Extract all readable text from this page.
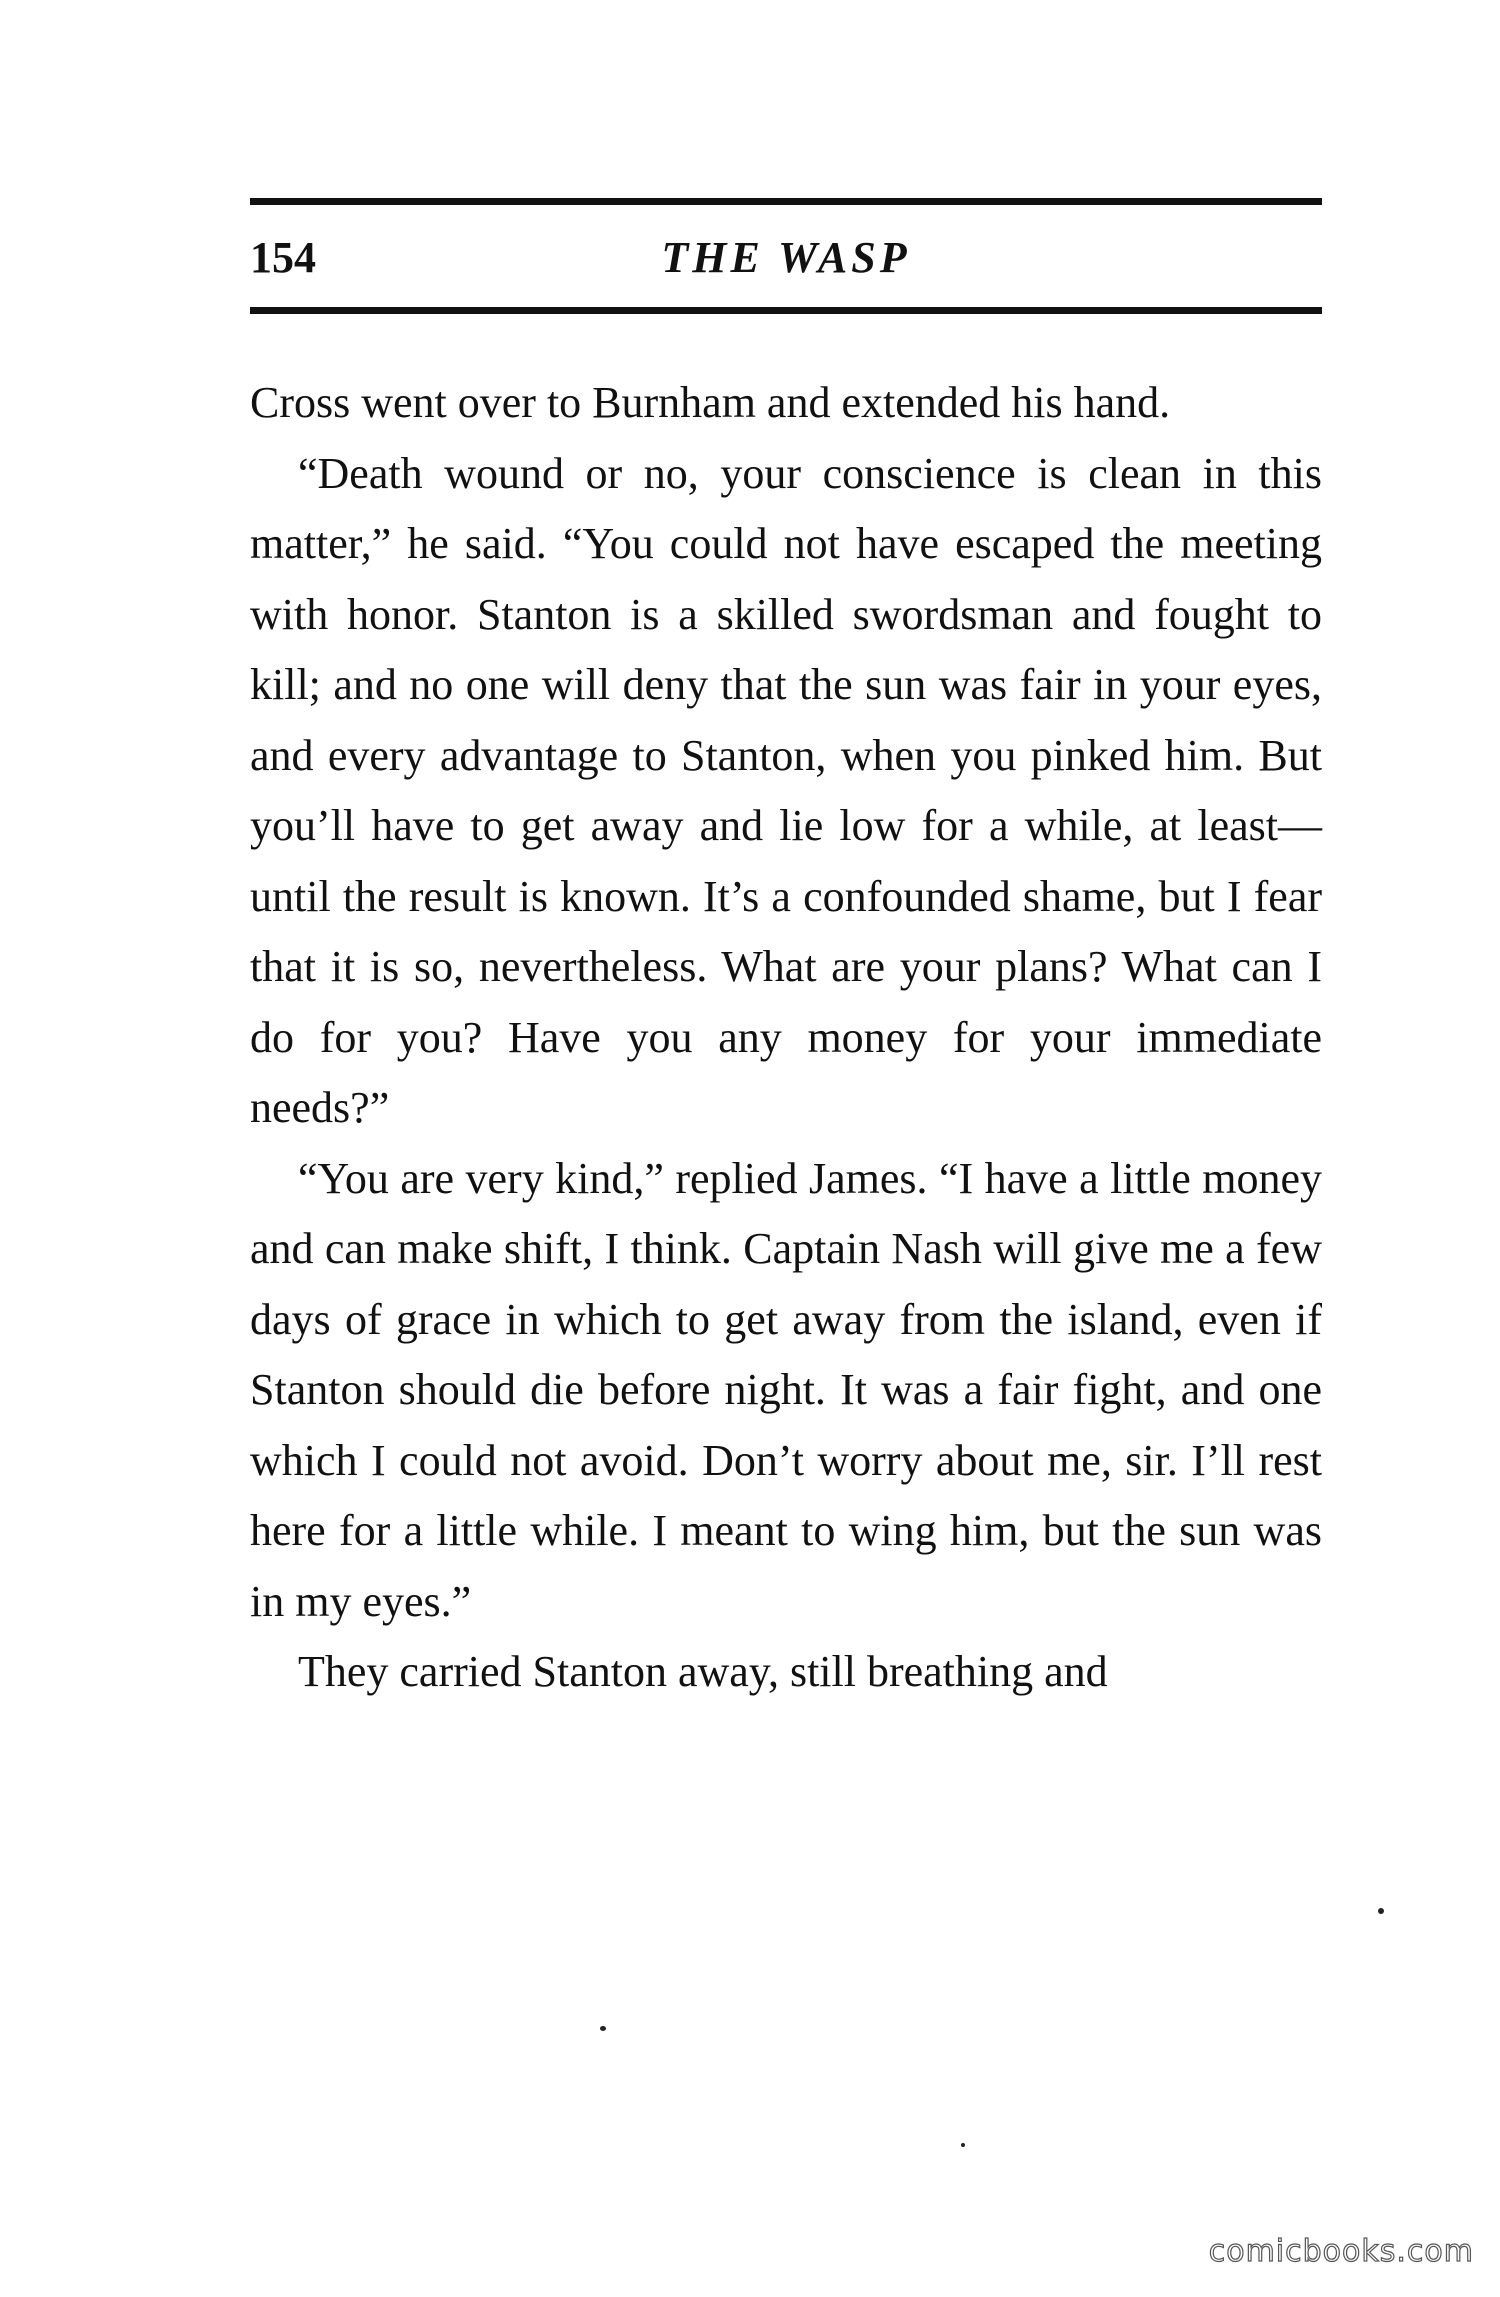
154	THE WASP

Cross went over to Burnham and extended his hand.

“Death wound or no, your conscience is clean in this matter,” he said. “You could not have escaped the meeting with honor. Stanton is a skilled swordsman and fought to kill; and no one will deny that the sun was fair in your eyes, and every advantage to Stanton, when you pinked him. But you’ll have to get away and lie low for a while, at least—until the result is known. It’s a confounded shame, but I fear that it is so, nevertheless. What are your plans? What can I do for you? Have you any money for your immediate needs?”

“You are very kind,” replied James. “I have a little money and can make shift, I think. Captain Nash will give me a few days of grace in which to get away from the island, even if Stanton should die before night. It was a fair fight, and one which I could not avoid. Don’t worry about me, sir. I’ll rest here for a little while. I meant to wing him, but the sun was in my eyes.”

They carried Stanton away, still breathing and

comicbooks.com
